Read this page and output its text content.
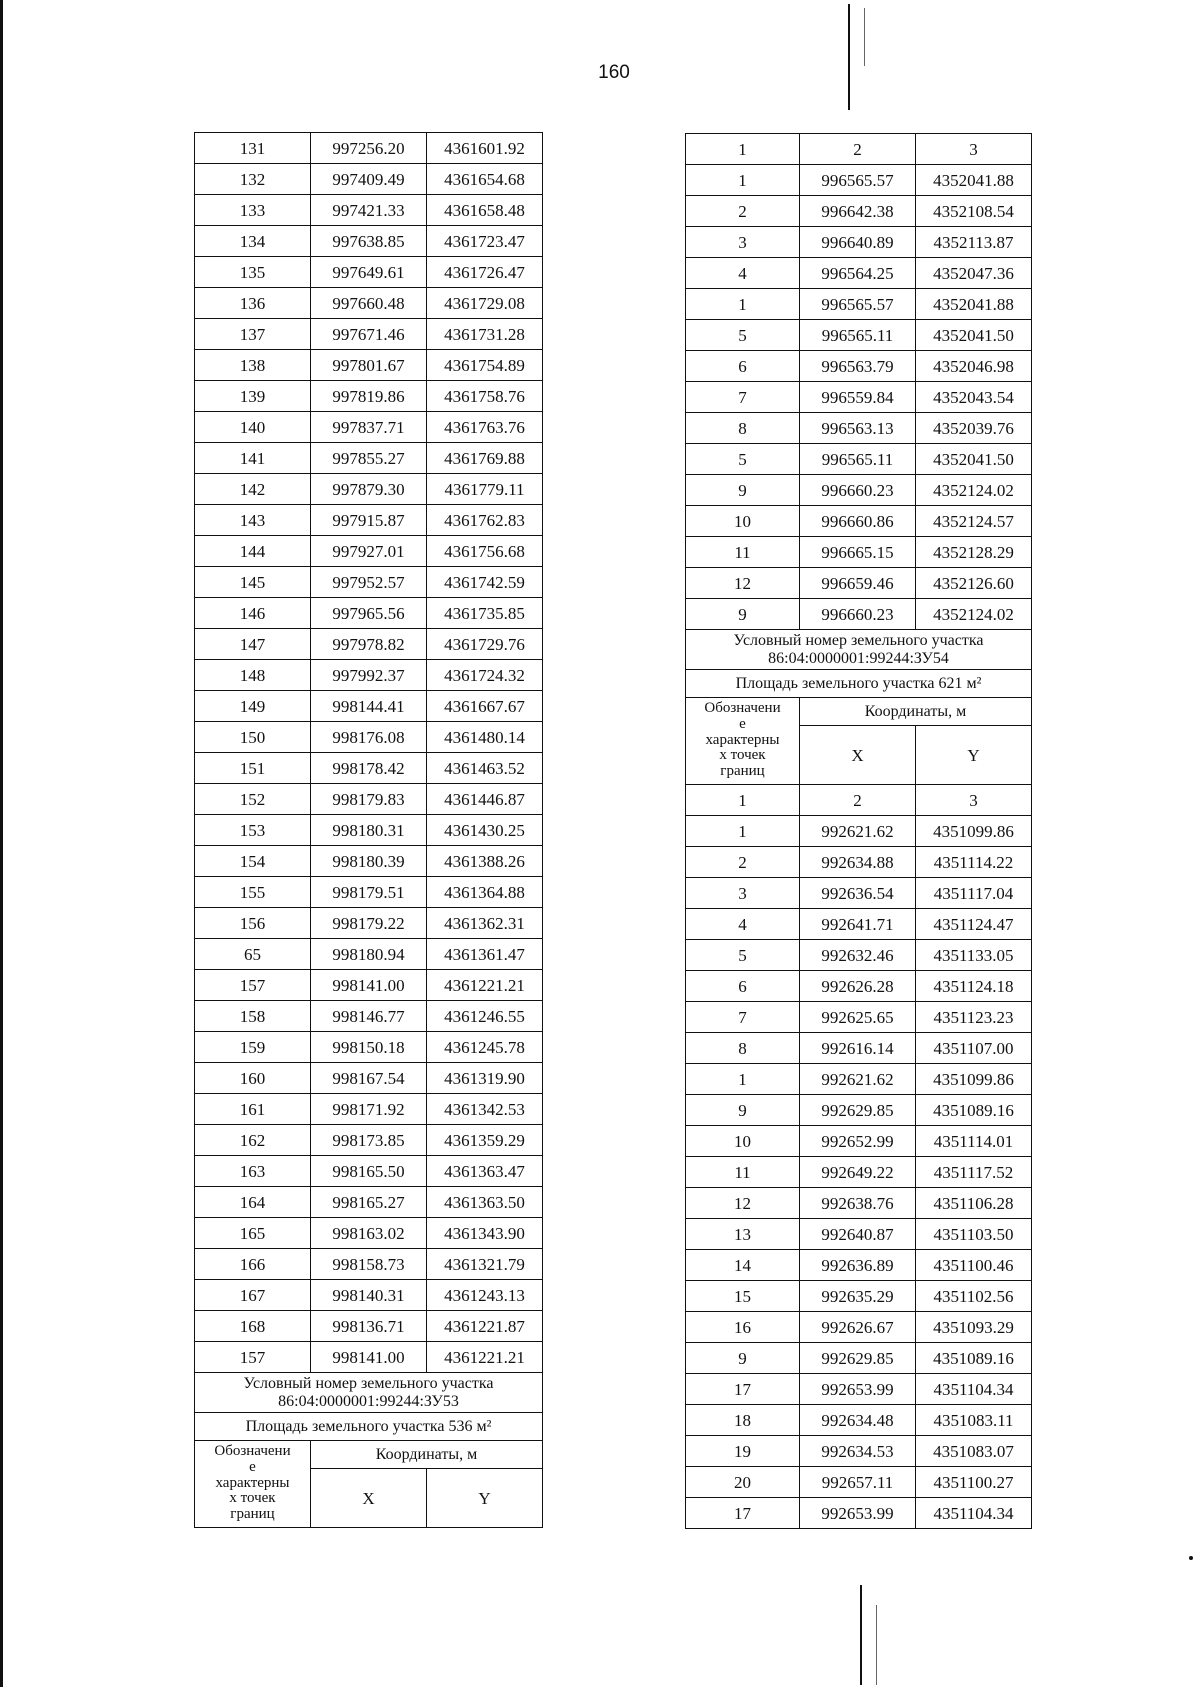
160
131	997256.20	4361601.92
132	997409.49	4361654.68
133	997421.33	4361658.48
134	997638.85	4361723.47
135	997649.61	4361726.47
136	997660.48	4361729.08
137	997671.46	4361731.28
138	997801.67	4361754.89
139	997819.86	4361758.76
140	997837.71	4361763.76
141	997855.27	4361769.88
142	997879.30	4361779.11
143	997915.87	4361762.83
144	997927.01	4361756.68
145	997952.57	4361742.59
146	997965.56	4361735.85
147	997978.82	4361729.76
148	997992.37	4361724.32
149	998144.41	4361667.67
150	998176.08	4361480.14
151	998178.42	4361463.52
152	998179.83	4361446.87
153	998180.31	4361430.25
154	998180.39	4361388.26
155	998179.51	4361364.88
156	998179.22	4361362.31
65	998180.94	4361361.47
157	998141.00	4361221.21
158	998146.77	4361246.55
159	998150.18	4361245.78
160	998167.54	4361319.90
161	998171.92	4361342.53
162	998173.85	4361359.29
163	998165.50	4361363.47
164	998165.27	4361363.50
165	998163.02	4361343.90
166	998158.73	4361321.79
167	998140.31	4361243.13
168	998136.71	4361221.87
157	998141.00	4361221.21

Условный номер земельного участка
86:04:0000001:99244:ЗУ53		

Площадь земельного участка 536 м²		

Обозначени
е
характерны
х точек
границ	Координаты, м	
	X	Y
1	2	3
1	996565.57	4352041.88
2	996642.38	4352108.54
3	996640.89	4352113.87
4	996564.25	4352047.36
1	996565.57	4352041.88
5	996565.11	4352041.50
6	996563.79	4352046.98
7	996559.84	4352043.54
8	996563.13	4352039.76
5	996565.11	4352041.50
9	996660.23	4352124.02
10	996660.86	4352124.57
11	996665.15	4352128.29
12	996659.46	4352126.60
9	996660.23	4352124.02

Условный номер земельного участка
86:04:0000001:99244:ЗУ54		

Площадь земельного участка 621 м²		

Обозначени
е
характерны
х точек
границ	Координаты, м	
	X	Y
1	2	3
1	992621.62	4351099.86
2	992634.88	4351114.22
3	992636.54	4351117.04
4	992641.71	4351124.47
5	992632.46	4351133.05
6	992626.28	4351124.18
7	992625.65	4351123.23
8	992616.14	4351107.00
1	992621.62	4351099.86
9	992629.85	4351089.16
10	992652.99	4351114.01
11	992649.22	4351117.52
12	992638.76	4351106.28
13	992640.87	4351103.50
14	992636.89	4351100.46
15	992635.29	4351102.56
16	992626.67	4351093.29
9	992629.85	4351089.16
17	992653.99	4351104.34
18	992634.48	4351083.11
19	992634.53	4351083.07
20	992657.11	4351100.27
17	992653.99	4351104.34
